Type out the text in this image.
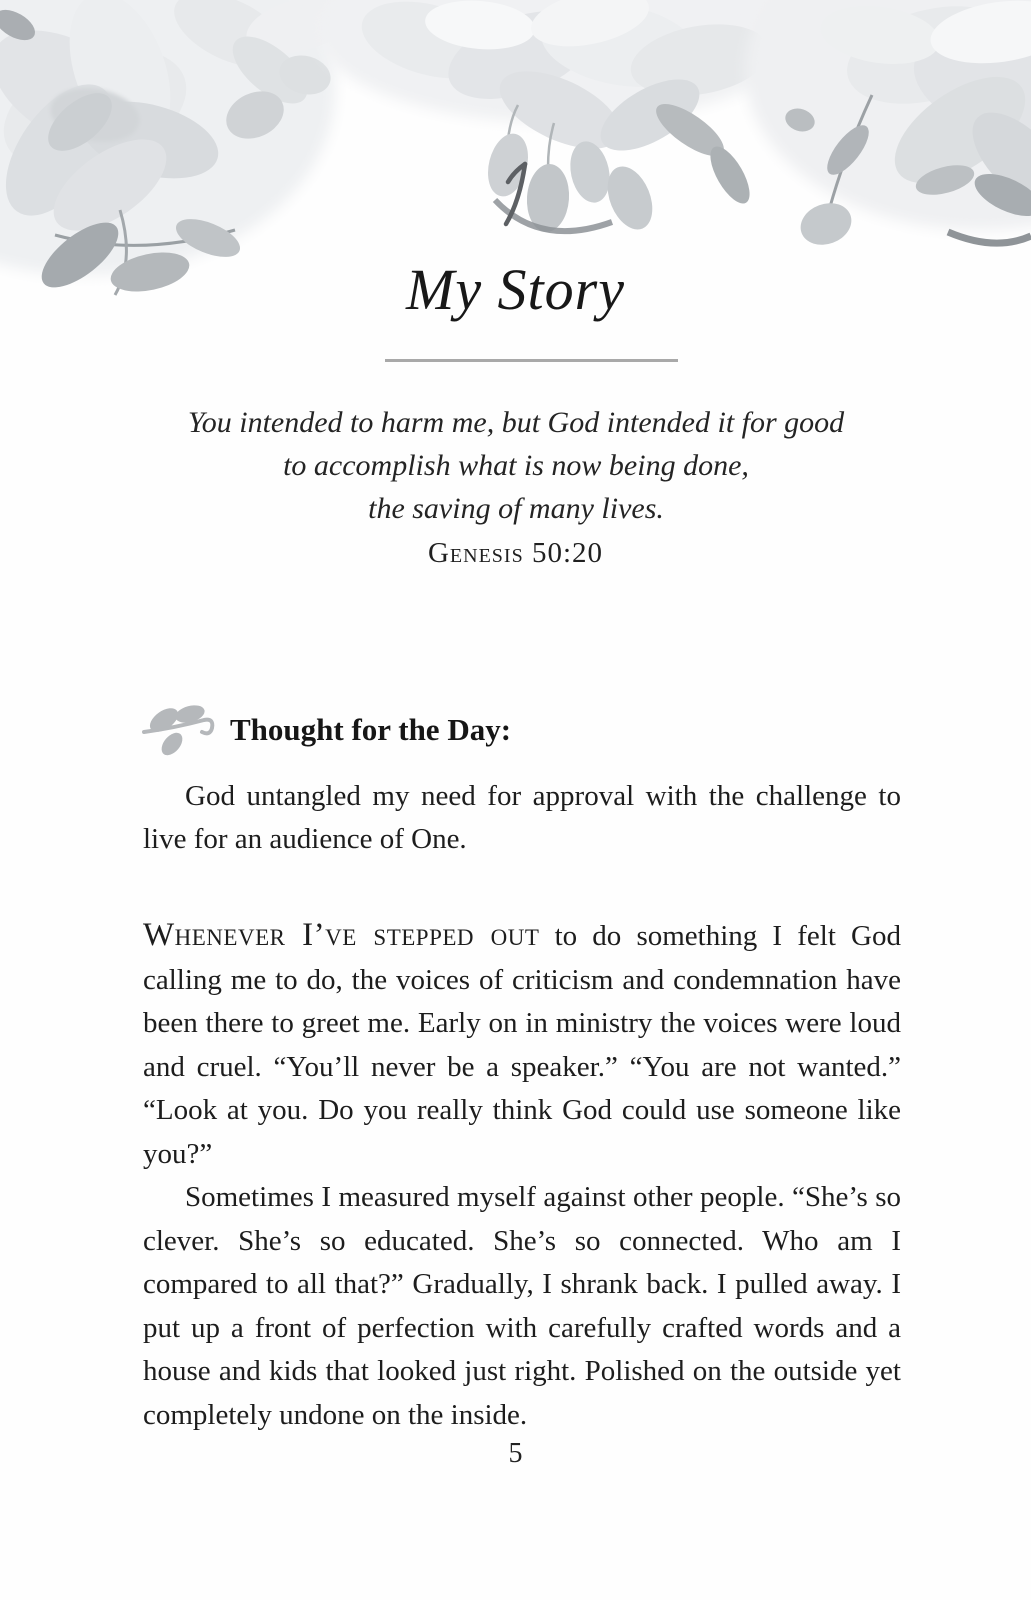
My Story
You intended to harm me, but God intended it for good
to accomplish what is now being done,
the saving of many lives.
Genesis 50:20
Thought for the Day:

God untangled my need for approval with the challenge to live for an audience of One.

Whenever I’ve stepped out to do something I felt God calling me to do, the voices of criticism and condemnation have been there to greet me. Early on in ministry the voices were loud and cruel. “You’ll never be a speaker.” “You are not wanted.” “Look at you. Do you really think God could use someone like you?”

Sometimes I measured myself against other people. “She’s so clever. She’s so educated. She’s so connected. Who am I compared to all that?” Gradually, I shrank back. I pulled away. I put up a front of perfection with carefully crafted words and a house and kids that looked just right. Polished on the outside yet completely undone on the inside.

5
